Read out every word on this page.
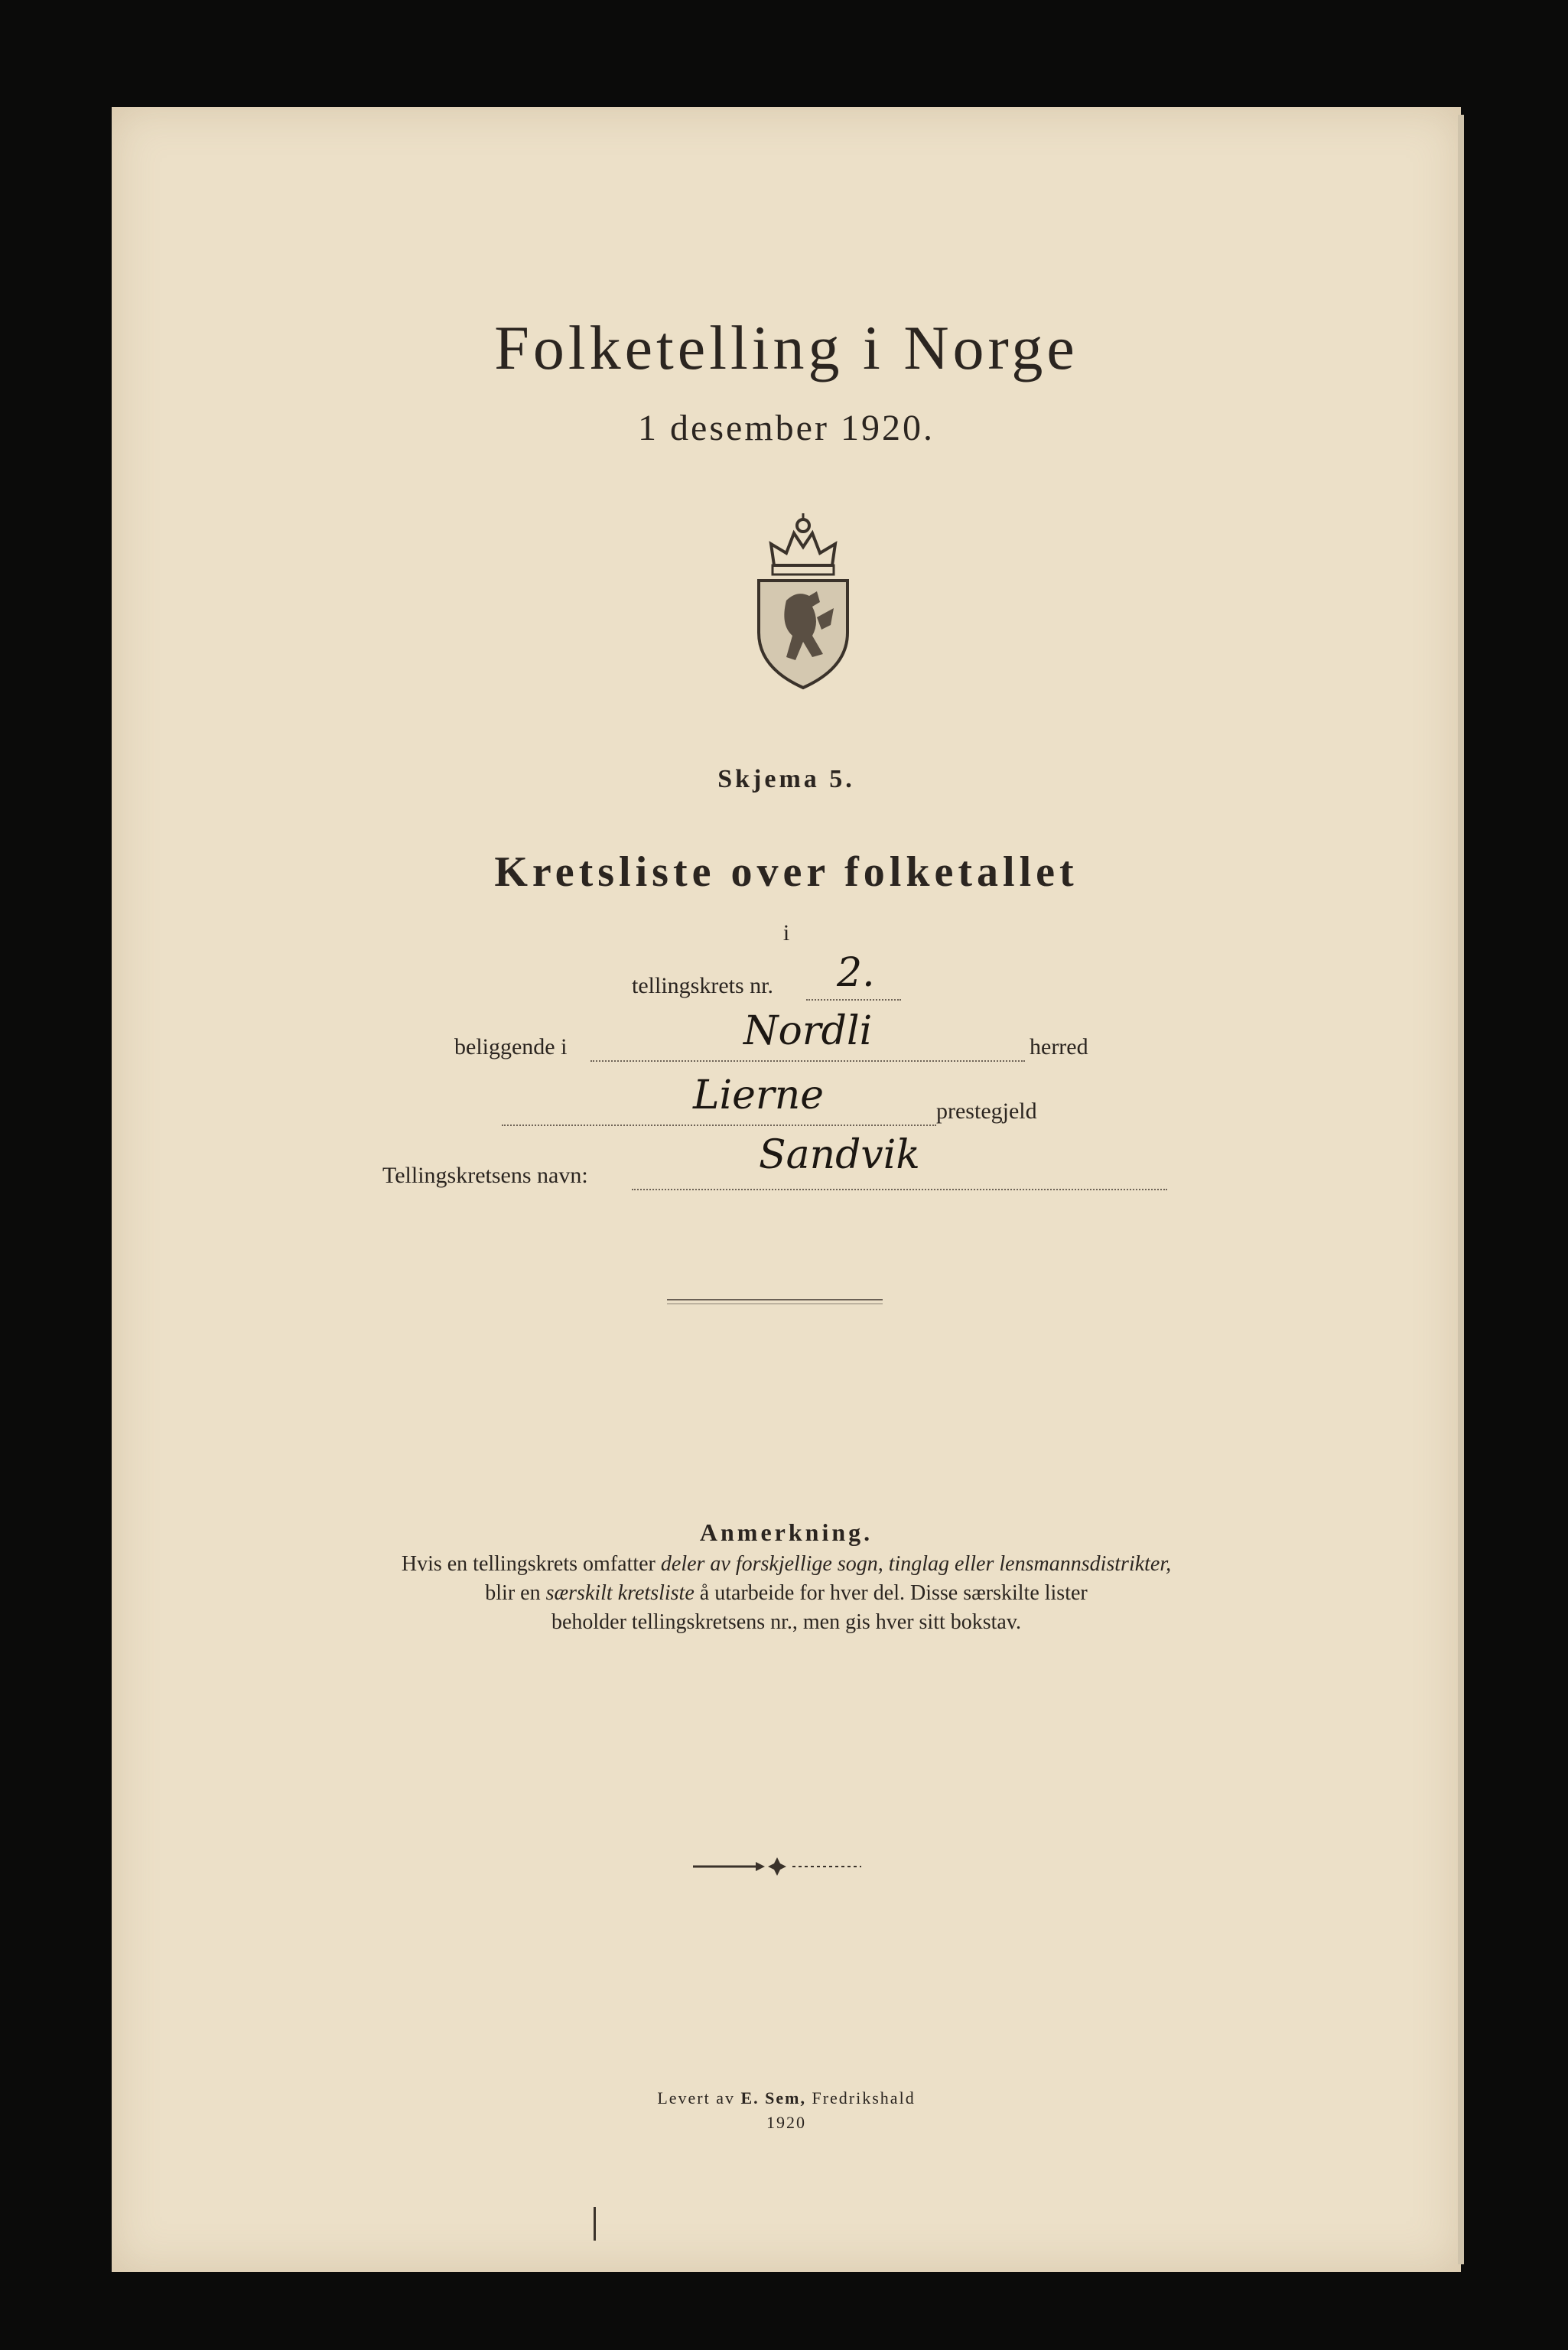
Folketelling i Norge
1 desember 1920.
Skjema 5.
Kretsliste over folketallet
i
tellingskrets nr. 2.
beliggende i	Nordli	herred
Lierne	prestegjeld
Tellingskretsens navn:	Sandvik
Anmerkning.
Hvis en tellingskrets omfatter deler av forskjellige sogn, tinglag eller lensmannsdistrikter,
blir en særskilt kretsliste å utarbeide for hver del. Disse særskilte lister
beholder tellingskretsens nr., men gis hver sitt bokstav.
Levert av E. Sem, Fredrikshald
1920
